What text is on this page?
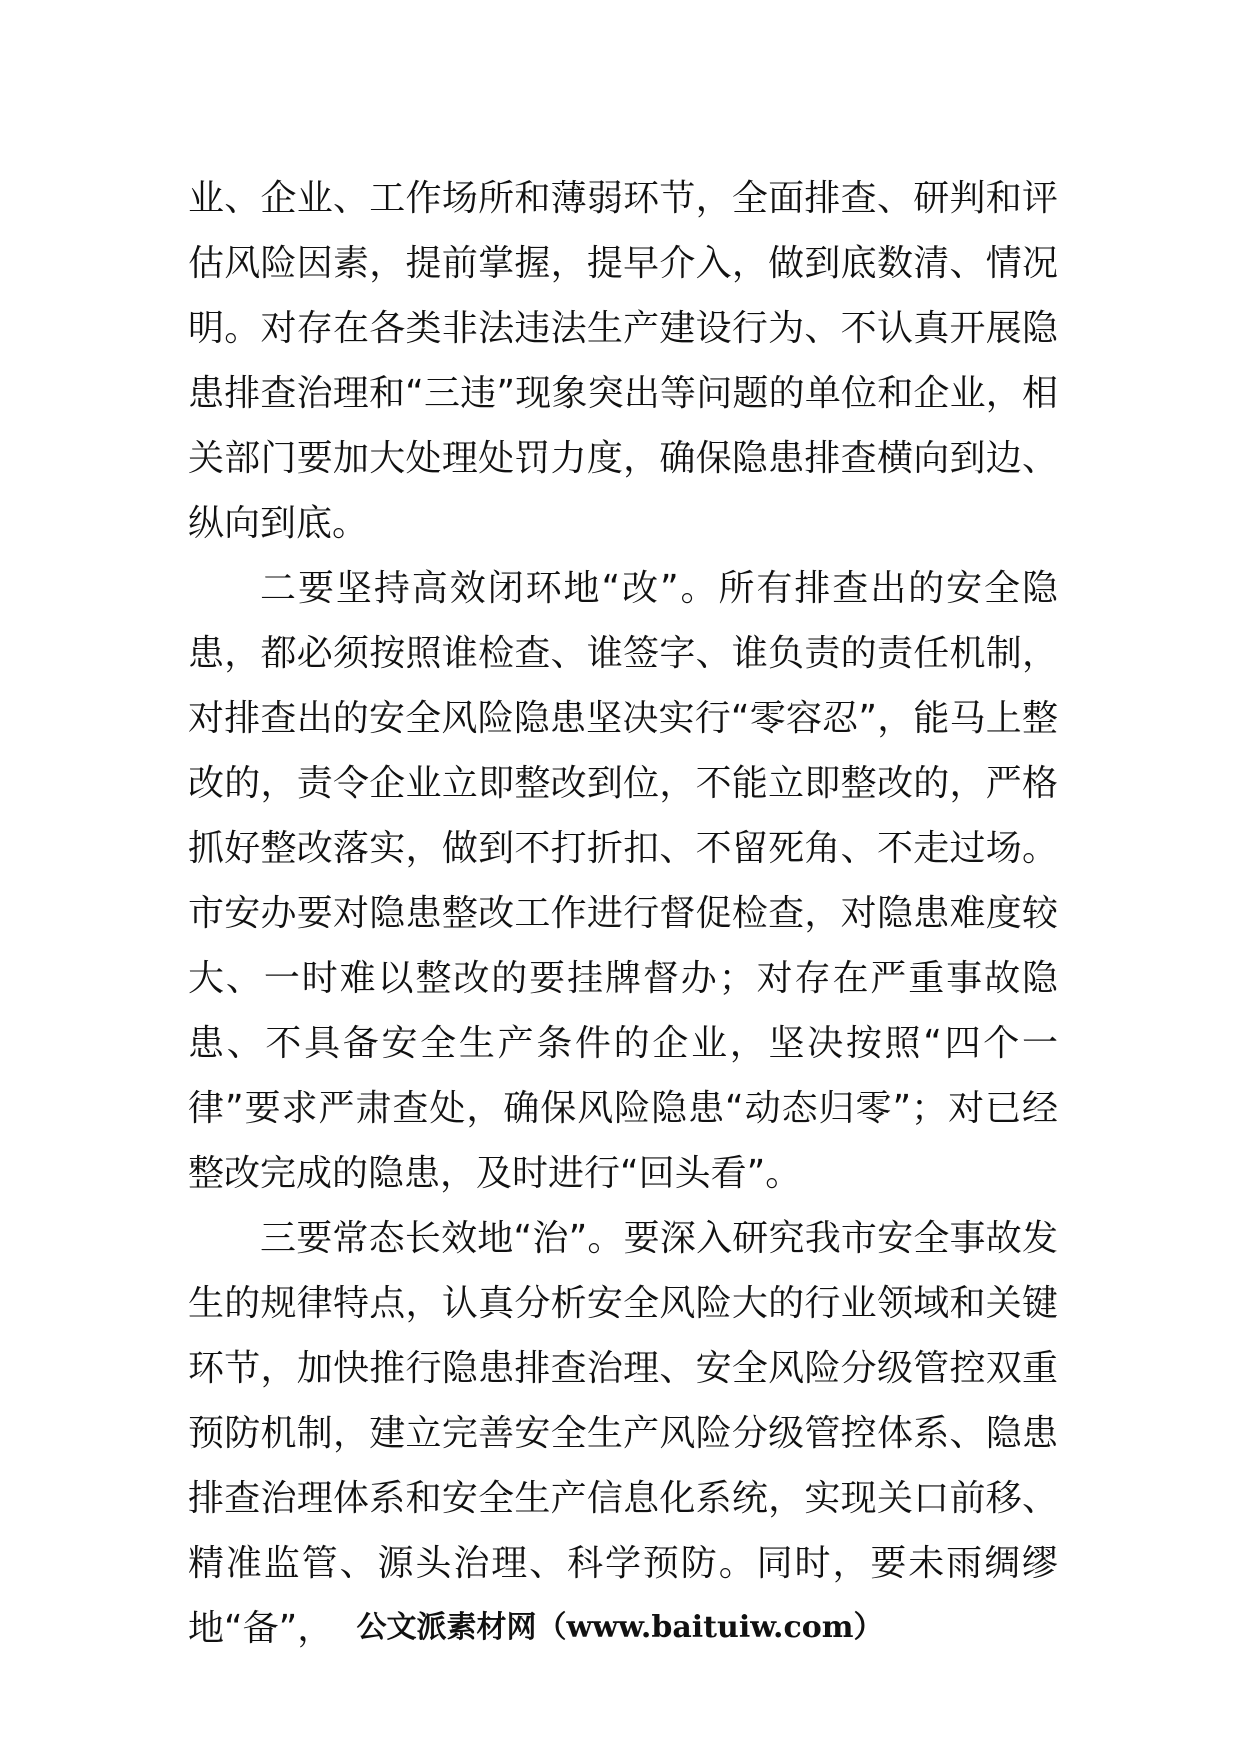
业、企业、工作场所和薄弱环节，全面排查、研判和评估风险因素，提前掌握，提早介入，做到底数清、情况明。对存在各类非法违法生产建设行为、不认真开展隐患排查治理和“三违”现象突出等问题的单位和企业，相关部门要加大处理处罚力度，确保隐患排查横向到边、纵向到底。

二要坚持高效闭环地“改”。所有排查出的安全隐患，都必须按照谁检查、谁签字、谁负责的责任机制，对排查出的安全风险隐患坚决实行“零容忍”，能马上整改的，责令企业立即整改到位，不能立即整改的，严格抓好整改落实，做到不打折扣、不留死角、不走过场。市安办要对隐患整改工作进行督促检查，对隐患难度较大、一时难以整改的要挂牌督办；对存在严重事故隐患、不具备安全生产条件的企业，坚决按照“四个一律”要求严肃查处，确保风险隐患“动态归零”；对已经整改完成的隐患，及时进行“回头看”。

三要常态长效地“治”。要深入研究我市安全事故发生的规律特点，认真分析安全风险大的行业领域和关键环节，加快推行隐患排查治理、安全风险分级管控双重预防机制，建立完善安全生产风险分级管控体系、隐患排查治理体系和安全生产信息化系统，实现关口前移、精准监管、源头治理、科学预防。同时，要未雨绸缪地“备”， 公文派素材网（www.baituiw.com）
